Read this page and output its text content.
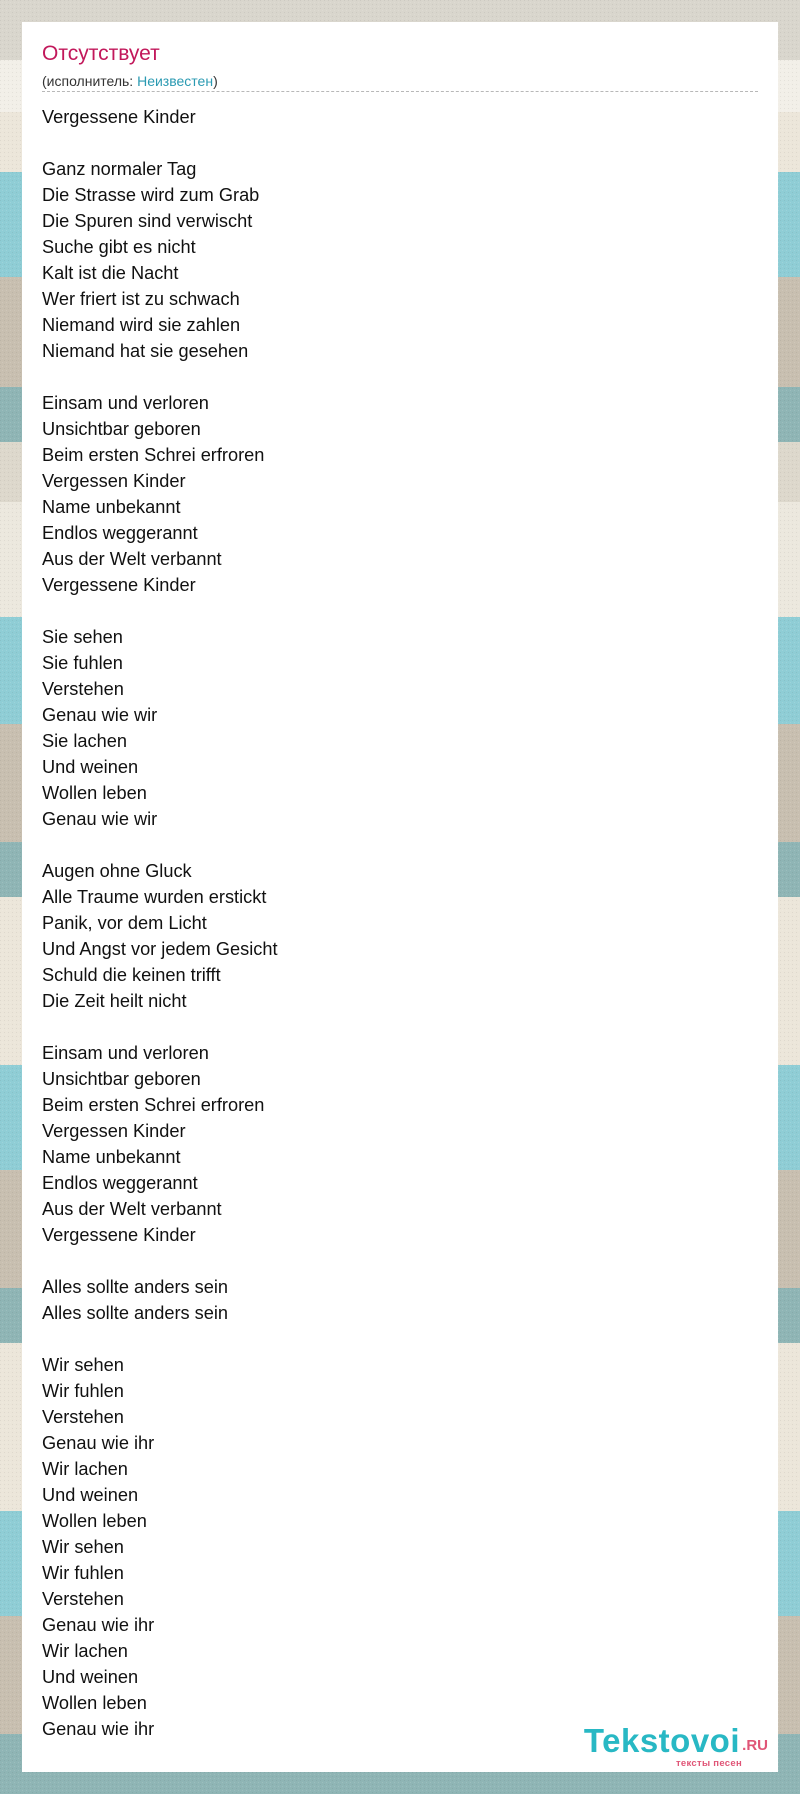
Отсутствует
(исполнитель: Неизвестен)
Vergessene Kinder

Ganz normaler Tag
Die Strasse wird zum Grab
Die Spuren sind verwischt
Suche gibt es nicht
Kalt ist die Nacht
Wer friert ist zu schwach
Niemand wird sie zahlen
Niemand hat sie gesehen

Einsam und verloren
Unsichtbar geboren
Beim ersten Schrei erfroren
Vergessen Kinder
Name unbekannt
Endlos weggerannt
Aus der Welt verbannt
Vergessene Kinder

Sie sehen
Sie fuhlen
Verstehen
Genau wie wir
Sie lachen
Und weinen
Wollen leben
Genau wie wir

Augen ohne Gluck
Alle Traume wurden erstickt
Panik, vor dem Licht
Und Angst vor jedem Gesicht
Schuld die keinen trifft
Die Zeit heilt nicht

Einsam und verloren
Unsichtbar geboren
Beim ersten Schrei erfroren
Vergessen Kinder
Name unbekannt
Endlos weggerannt
Aus der Welt verbannt
Vergessene Kinder

Alles sollte anders sein
Alles sollte anders sein

Wir sehen
Wir fuhlen
Verstehen
Genau wie ihr
Wir lachen
Und weinen
Wollen leben
Wir sehen
Wir fuhlen
Verstehen
Genau wie ihr
Wir lachen
Und weinen
Wollen leben
Genau wie ihr	Tekstovoi .RU
тексты песен
